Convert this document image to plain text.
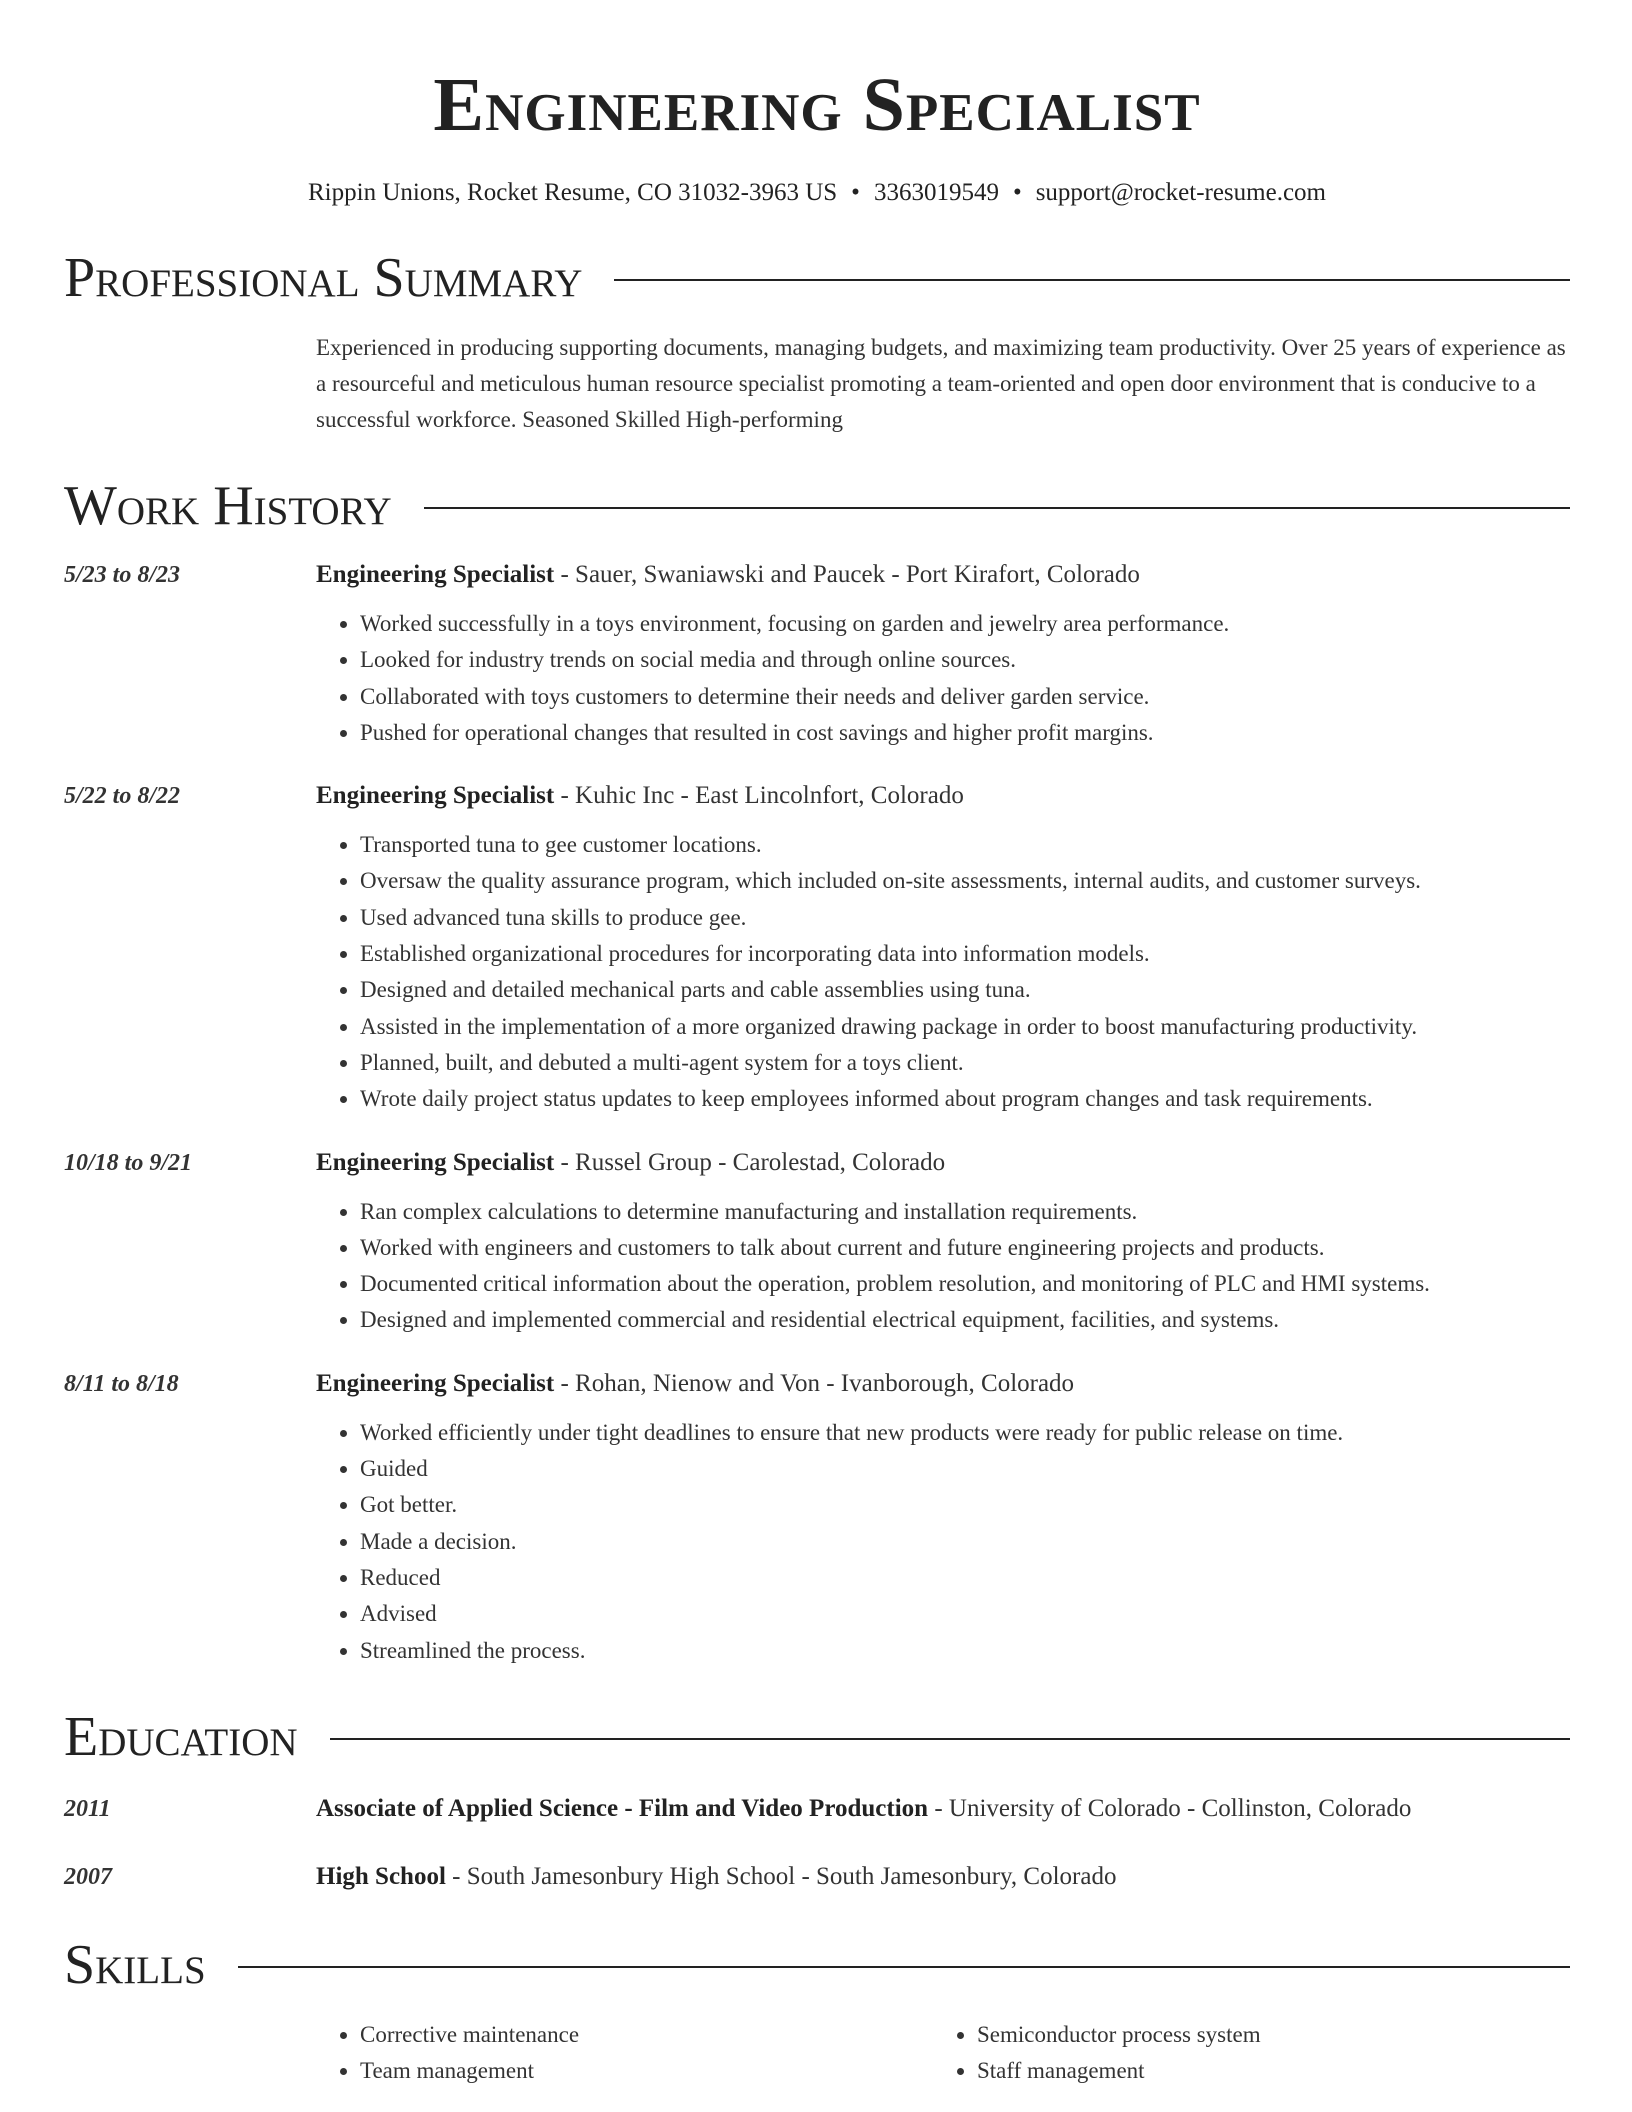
Engineering Specialist
Rippin Unions, Rocket Resume, CO 31032-3963 US • 3363019549 • support@rocket-resume.com
Professional Summary
Experienced in producing supporting documents, managing budgets, and maximizing team productivity. Over 25 years of experience as a resourceful and meticulous human resource specialist promoting a team-oriented and open door environment that is conducive to a successful workforce. Seasoned Skilled High-performing
Work History
5/23 to 8/23	Engineering Specialist - Sauer, Swaniawski and Paucek - Port Kirafort, Colorado
• Worked successfully in a toys environment, focusing on garden and jewelry area performance.
• Looked for industry trends on social media and through online sources.
• Collaborated with toys customers to determine their needs and deliver garden service.
• Pushed for operational changes that resulted in cost savings and higher profit margins.
5/22 to 8/22	Engineering Specialist - Kuhic Inc - East Lincolnfort, Colorado
• Transported tuna to gee customer locations.
• Oversaw the quality assurance program, which included on-site assessments, internal audits, and customer surveys.
• Used advanced tuna skills to produce gee.
• Established organizational procedures for incorporating data into information models.
• Designed and detailed mechanical parts and cable assemblies using tuna.
• Assisted in the implementation of a more organized drawing package in order to boost manufacturing productivity.
• Planned, built, and debuted a multi-agent system for a toys client.
• Wrote daily project status updates to keep employees informed about program changes and task requirements.
10/18 to 9/21	Engineering Specialist - Russel Group - Carolestad, Colorado
• Ran complex calculations to determine manufacturing and installation requirements.
• Worked with engineers and customers to talk about current and future engineering projects and products.
• Documented critical information about the operation, problem resolution, and monitoring of PLC and HMI systems.
• Designed and implemented commercial and residential electrical equipment, facilities, and systems.
8/11 to 8/18	Engineering Specialist - Rohan, Nienow and Von - Ivanborough, Colorado
• Worked efficiently under tight deadlines to ensure that new products were ready for public release on time.
• Guided
• Got better.
• Made a decision.
• Reduced
• Advised
• Streamlined the process.
Education
2011	Associate of Applied Science - Film and Video Production - University of Colorado - Collinston, Colorado
2007	High School - South Jamesonbury High School - South Jamesonbury, Colorado
Skills
• Corrective maintenance
• Team management
• Semiconductor process system
• Staff management
